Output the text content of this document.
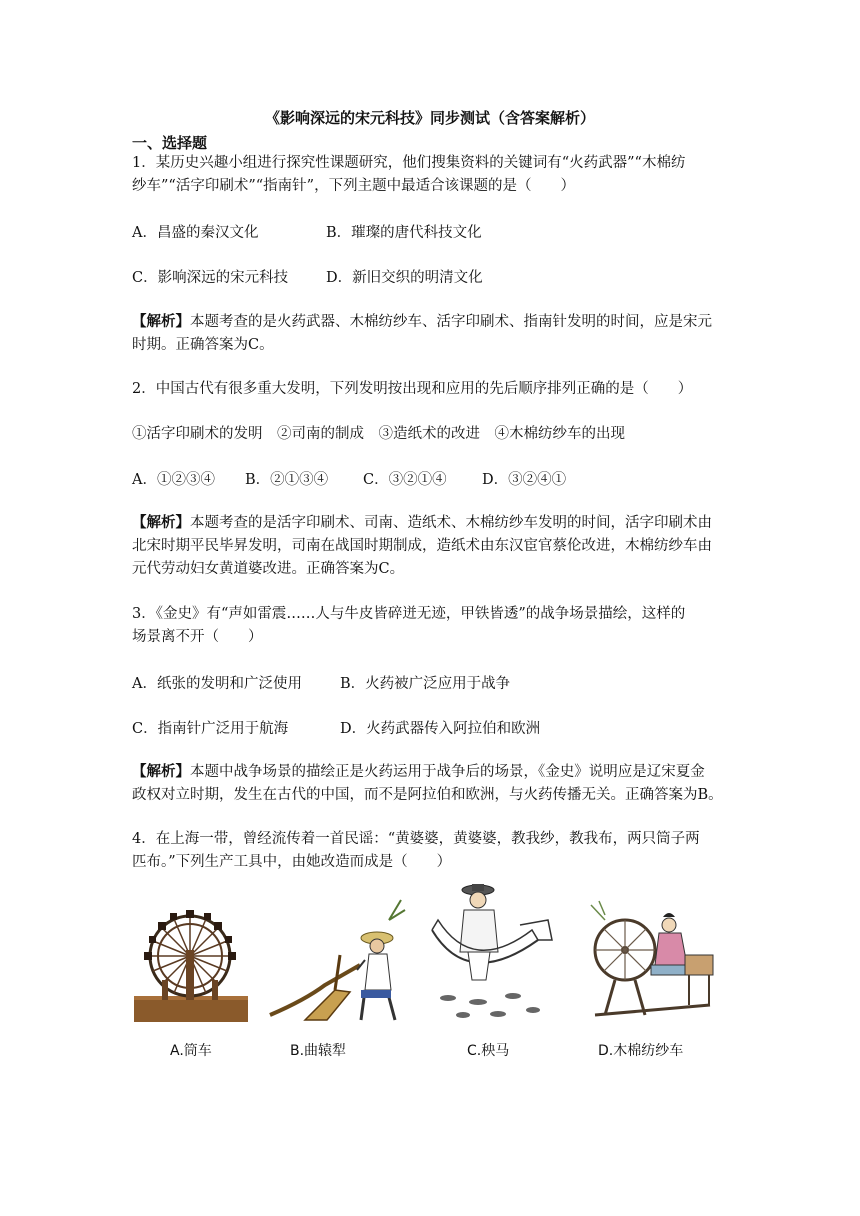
《影响深远的宋元科技》同步测试（含答案解析）
一、选择题
1．某历史兴趣小组进行探究性课题研究，他们搜集资料的关键词有“火药武器”“木棉纺
纱车”“活字印刷术”“指南针”，下列主题中最适合该课题的是（　　）
A．昌盛的秦汉文化	B．璀璨的唐代科技文化
C．影响深远的宋元科技	D．新旧交织的明清文化
【解析】本题考查的是火药武器、木棉纺纱车、活字印刷术、指南针发明的时间，应是宋元
时期。正确答案为C。
2．中国古代有很多重大发明，下列发明按出现和应用的先后顺序排列正确的是（　　）
①活字印刷术的发明　②司南的制成　③造纸术的改进　④木棉纺纱车的出现
A．①②③④ B．②①③④ C．③②①④ D．③②④①
【解析】本题考查的是活字印刷术、司南、造纸术、木棉纺纱车发明的时间，活字印刷术由
北宋时期平民毕昇发明，司南在战国时期制成，造纸术由东汉宦官蔡伦改进，木棉纺纱车由
元代劳动妇女黄道婆改进。正确答案为C。
3．《金史》有“声如雷震……人与牛皮皆碎迸无迹，甲铁皆透”的战争场景描绘，这样的
场景离不开（　　）
A．纸张的发明和广泛使用	B．火药被广泛应用于战争
C．指南针广泛用于航海	D．火药武器传入阿拉伯和欧洲
【解析】本题中战争场景的描绘正是火药运用于战争后的场景，《金史》说明应是辽宋夏金
政权对立时期，发生在古代的中国，而不是阿拉伯和欧洲，与火药传播无关。正确答案为B。
4．在上海一带，曾经流传着一首民谣：“黄婆婆，黄婆婆，教我纱，教我布，两只筒子两
匹布。”下列生产工具中，由她改造而成是（　　）
A.筒车	B.曲辕犁	C.秧马	D.木棉纺纱车
